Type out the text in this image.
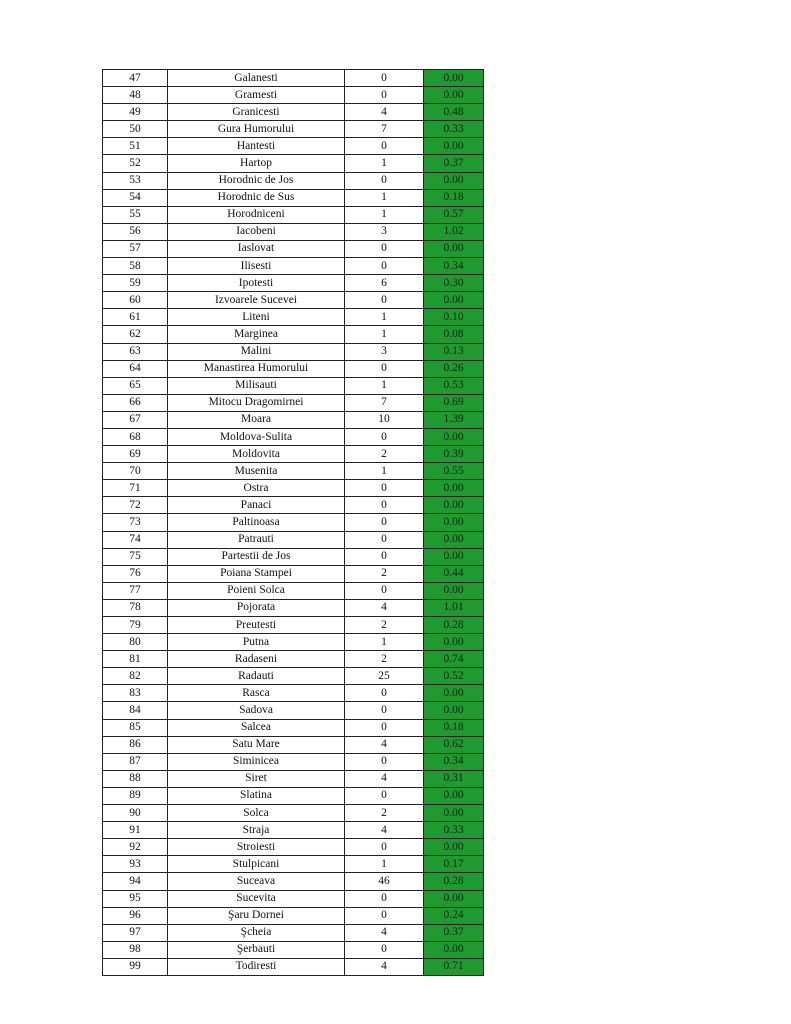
47	Galanesti	0	0.00
48	Gramesti	0	0.00
49	Granicesti	4	0.48
50	Gura Humorului	7	0.33
51	Hantesti	0	0.00
52	Hartop	1	0.37
53	Horodnic de Jos	0	0.00
54	Horodnic de Sus	1	0.18
55	Horodniceni	1	0.57
56	Iacobeni	3	1.02
57	Iaslovat	0	0.00
58	Ilisesti	0	0.34
59	Ipotesti	6	0.30
60	Izvoarele Sucevei	0	0.00
61	Liteni	1	0.10
62	Marginea	1	0.08
63	Malini	3	0.13
64	Manastirea Humorului	0	0.26
65	Milisauti	1	0.53
66	Mitocu Dragomirnei	7	0.69
67	Moara	10	1.39
68	Moldova-Sulita	0	0.00
69	Moldovita	2	0.39
70	Musenita	1	0.55
71	Ostra	0	0.00
72	Panaci	0	0.00
73	Paltinoasa	0	0.00
74	Patrauti	0	0.00
75	Partestii de Jos	0	0.00
76	Poiana Stampei	2	0.44
77	Poieni Solca	0	0.00
78	Pojorata	4	1.01
79	Preutesti	2	0.28
80	Putna	1	0.00
81	Radaseni	2	0.74
82	Radauti	25	0.52
83	Rasca	0	0.00
84	Sadova	0	0.00
85	Salcea	0	0.18
86	Satu Mare	4	0.62
87	Siminicea	0	0.34
88	Siret	4	0.31
89	Slatina	0	0.00
90	Solca	2	0.00
91	Straja	4	0.33
92	Stroiesti	0	0.00
93	Stulpicani	1	0.17
94	Suceava	46	0.28
95	Sucevita	0	0.00
96	Şaru Dornei	0	0.24
97	Şcheia	4	0.37
98	Şerbauti	0	0.00
99	Todiresti	4	0.71
